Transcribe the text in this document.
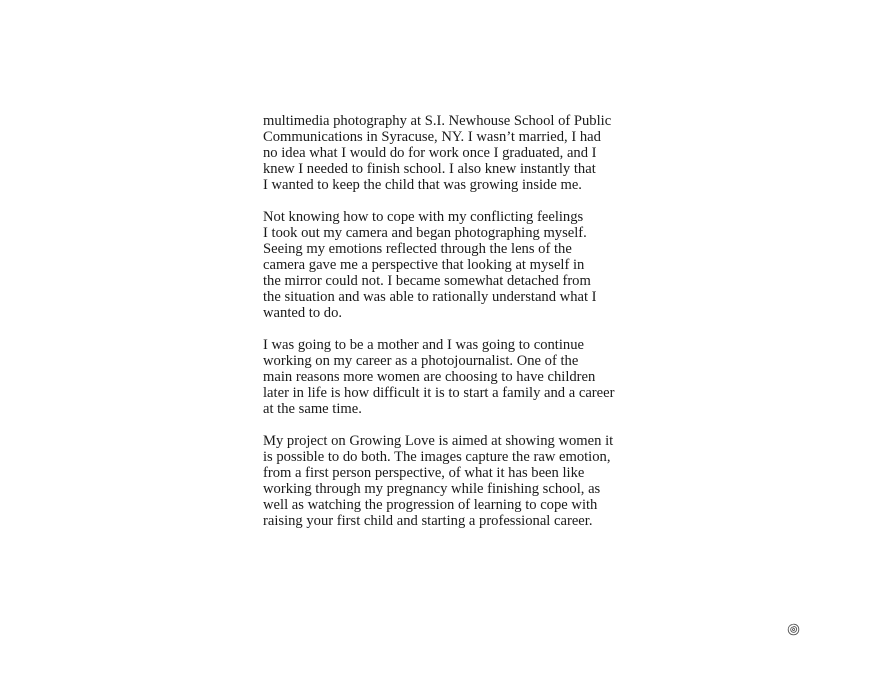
multimedia photography at S.I. Newhouse School of Public
Communications in Syracuse, NY. I wasn’t married, I had
no idea what I would do for work once I graduated, and I
knew I needed to finish school. I also knew instantly that
I wanted to keep the child that was growing inside me.

Not knowing how to cope with my conflicting feelings
I took out my camera and began photographing myself.
Seeing my emotions reflected through the lens of the
camera gave me a perspective that looking at myself in
the mirror could not. I became somewhat detached from
the situation and was able to rationally understand what I
wanted to do.

I was going to be a mother and I was going to continue
working on my career as a photojournalist. One of the
main reasons more women are choosing to have children
later in life is how difficult it is to start a family and a career
at the same time.

My project on Growing Love is aimed at showing women it
is possible to do both. The images capture the raw emotion,
from a first person perspective, of what it has been like
working through my pregnancy while finishing school, as
well as watching the progression of learning to cope with
raising your first child and starting a professional career.
